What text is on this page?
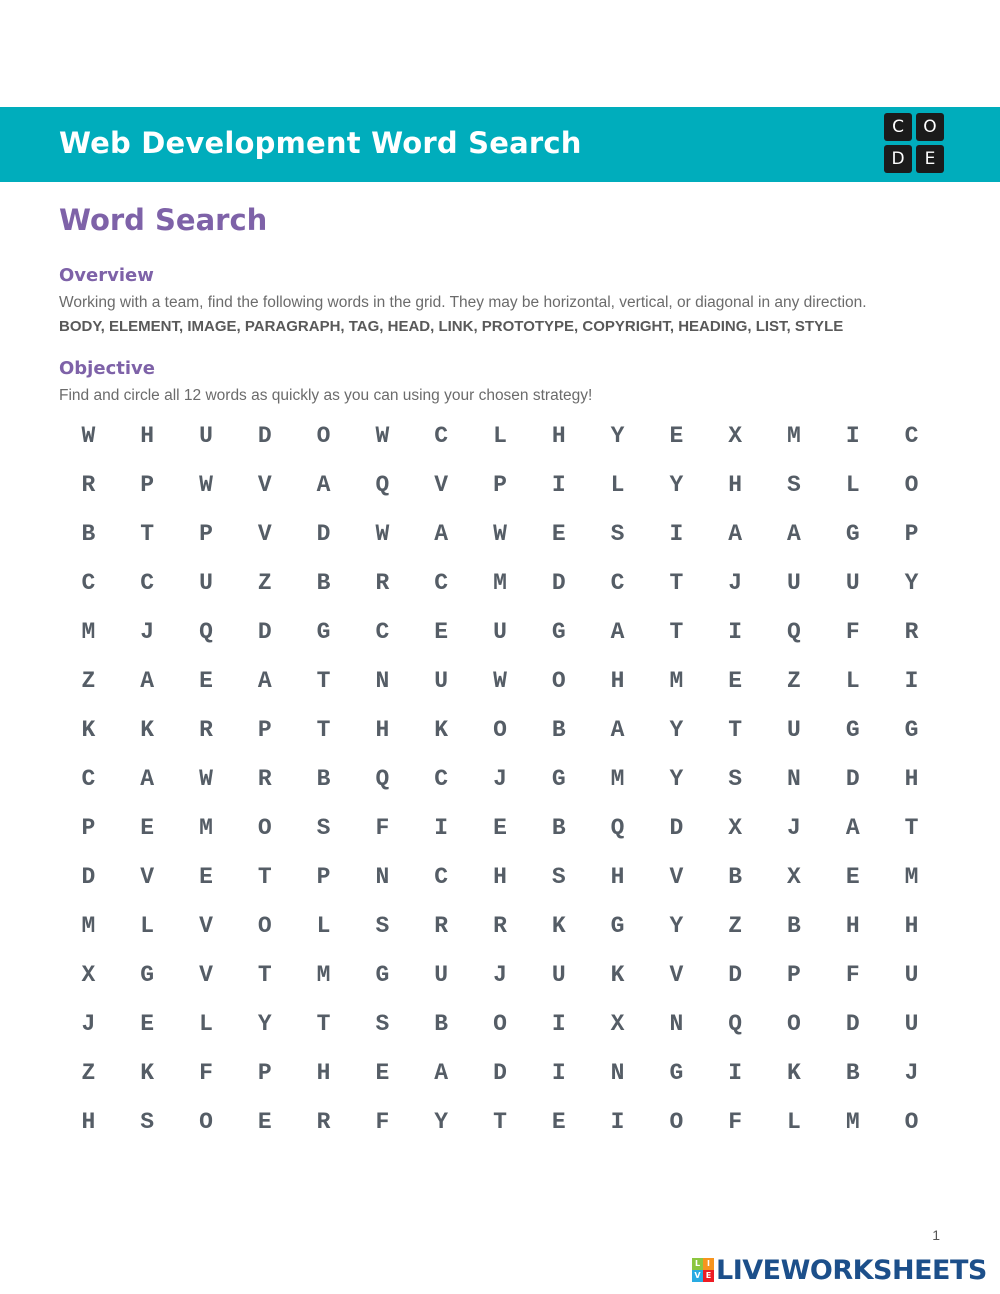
Web Development Word Search	C	O
D	E
Word Search
Overview
Working with a team, find the following words in the grid. They may be horizontal, vertical, or diagonal in any direction.
BODY, ELEMENT, IMAGE, PARAGRAPH, TAG, HEAD, LINK, PROTOTYPE, COPYRIGHT, HEADING, LIST, STYLE
Objective
Find and circle all 12 words as quickly as you can using your chosen strategy!
W	H	U	D	O	W	C	L	H	Y	E	X	M	I	C
R	P	W	V	A	Q	V	P	I	L	Y	H	S	L	O
B	T	P	V	D	W	A	W	E	S	I	A	A	G	P
C	C	U	Z	B	R	C	M	D	C	T	J	U	U	Y
M	J	Q	D	G	C	E	U	G	A	T	I	Q	F	R
Z	A	E	A	T	N	U	W	O	H	M	E	Z	L	I
K	K	R	P	T	H	K	O	B	A	Y	T	U	G	G
C	A	W	R	B	Q	C	J	G	M	Y	S	N	D	H
P	E	M	O	S	F	I	E	B	Q	D	X	J	A	T
D	V	E	T	P	N	C	H	S	H	V	B	X	E	M
M	L	V	O	L	S	R	R	K	G	Y	Z	B	H	H
X	G	V	T	M	G	U	J	U	K	V	D	P	F	U
J	E	L	Y	T	S	B	O	I	X	N	Q	O	D	U
Z	K	F	P	H	E	A	D	I	N	G	I	K	B	J
H	S	O	E	R	F	Y	T	E	I	O	F	L	M	O
1
L I
V E LIVEWORKSHEETS
